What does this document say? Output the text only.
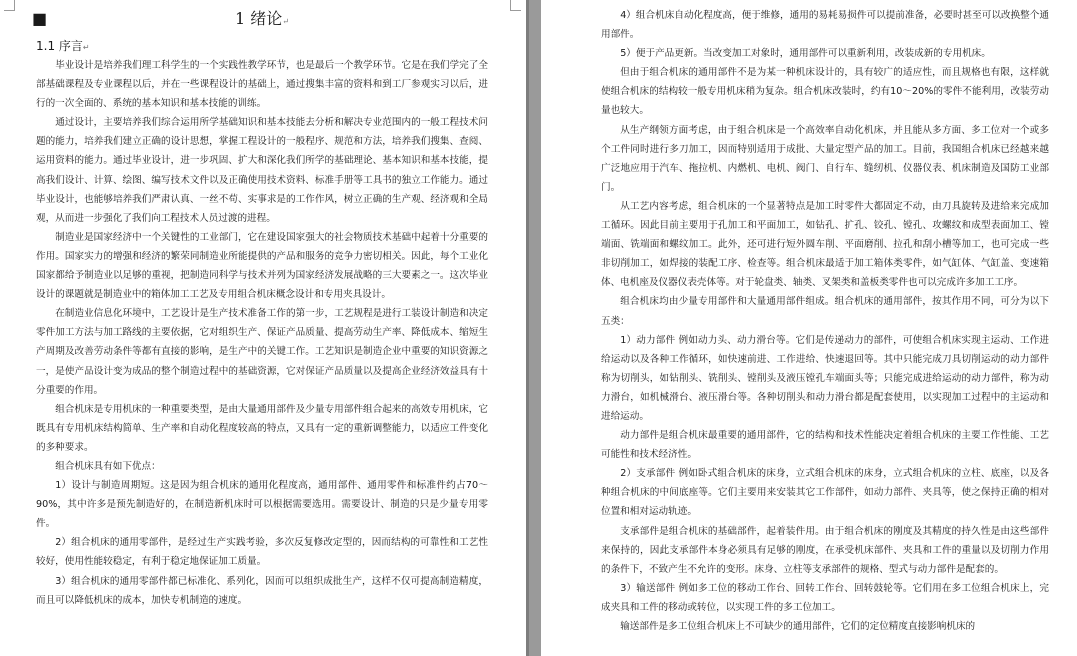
■	1 绪论↵
1.1 序言↵

毕业设计是培养我们理工科学生的一个实践性教学环节，也是最后一个教学环节。它是在我们学完了全部基础课程及专业课程以后，并在一些课程设计的基础上，通过搜集丰富的资料和到工厂参观实习以后，进行的一次全面的、系统的基本知识和基本技能的训练。

通过设计，主要培养我们综合运用所学基础知识和基本技能去分析和解决专业范围内的一般工程技术问题的能力，培养我们建立正确的设计思想，掌握工程设计的一般程序、规范和方法，培养我们搜集、查阅、运用资料的能力。通过毕业设计，进一步巩固、扩大和深化我们所学的基础理论、基本知识和基本技能，提高我们设计、计算、绘图、编写技术文件以及正确使用技术资料、标准手册等工具书的独立工作能力。通过毕业设计，也能够培养我们严肃认真、一丝不苟、实事求是的工作作风，树立正确的生产观、经济观和全局观，从而进一步强化了我们向工程技术人员过渡的进程。

制造业是国家经济中一个关键性的工业部门，它在建设国家强大的社会物质技术基础中起着十分重要的作用。国家实力的增强和经济的繁荣同制造业所能提供的产品和服务的竞争力密切相关。因此，每个工业化国家都给予制造业以足够的重视，把制造同科学与技术并列为国家经济发展战略的三大要素之一。这次毕业设计的课题就是制造业中的箱体加工工艺及专用组合机床概念设计和专用夹具设计。

在制造业信息化环境中，工艺设计是生产技术准备工作的第一步，工艺规程是进行工装设计制造和决定零件加工方法与加工路线的主要依据，它对组织生产、保证产品质量、提高劳动生产率、降低成本、缩短生产周期及改善劳动条件等都有直接的影响，是生产中的关键工作。工艺知识是制造企业中重要的知识资源之一，是使产品设计变为成品的整个制造过程中的基础资源，它对保证产品质量以及提高企业经济效益具有十分重要的作用。

组合机床是专用机床的一种重要类型，是由大量通用部件及少量专用部件组合起来的高效专用机床，它既具有专用机床结构简单、生产率和自动化程度较高的特点，又具有一定的重新调整能力，以适应工件变化的多种要求。

组合机床具有如下优点：

1）设计与制造周期短。这是因为组合机床的通用化程度高，通用部件、通用零件和标准件约占70～90%，其中许多是预先制造好的，在制造新机床时可以根据需要选用。需要设计、制造的只是少量专用零件。

2）组合机床的通用零部件，是经过生产实践考验，多次反复修改定型的，因而结构的可靠性和工艺性较好，使用性能较稳定，有利于稳定地保证加工质量。

3）组合机床的通用零部件都已标准化、系列化，因而可以组织成批生产，这样不仅可提高制造精度，而且可以降低机床的成本，加快专机制造的速度。

4）组合机床自动化程度高，便于维修，通用的易耗易损件可以提前准备，必要时甚至可以改换整个通用部件。

5）便于产品更新。当改变加工对象时，通用部件可以重新利用，改装成新的专用机床。

但由于组合机床的通用部件不是为某一种机床设计的，具有较广的适应性，而且规格也有限，这样就使组合机床的结构较一般专用机床稍为复杂。组合机床改装时，约有10～20%的零件不能利用，改装劳动量也较大。

从生产纲领方面考虑，由于组合机床是一个高效率自动化机床，并且能从多方面、多工位对一个或多个工件同时进行多刀加工，因而特别适用于成批、大量定型产品的加工。目前，我国组合机床已经越来越广泛地应用于汽车、拖拉机、内燃机、电机、阀门、自行车、缝纫机、仪器仪表、机床制造及国防工业部门。

从工艺内容考虑，组合机床的一个显著特点是加工时零件大都固定不动，由刀具旋转及进给来完成加工循环。因此目前主要用于孔加工和平面加工，如钻孔、扩孔、铰孔、镗孔、攻螺纹和成型表面加工、镗端面、铣端面和螺纹加工。此外，还可进行短外圆车削、平面磨削、拉孔和刮小槽等加工，也可完成一些非切削加工，如焊接的装配工序、检查等。组合机床最适于加工箱体类零件，如气缸体、气缸盖、变速箱体、电机座及仪器仪表壳体等。对于轮盘类、轴类、叉架类和盖板类零件也可以完成许多加工工序。

组合机床均由少量专用部件和大量通用部件组成。组合机床的通用部件，按其作用不同，可分为以下五类：

1）动力部件 例如动力头、动力滑台等。它们是传递动力的部件，可使组合机床实现主运动、工作进给运动以及各种工作循环，如快速前进、工作进给、快速退回等。其中只能完成刀具切削运动的动力部件称为切削头，如钻削头、铣削头、镗削头及液压镗孔车端面头等；只能完成进给运动的动力部件，称为动力滑台，如机械滑台、液压滑台等。各种切削头和动力滑台都是配套使用，以实现加工过程中的主运动和进给运动。

动力部件是组合机床最重要的通用部件，它的结构和技术性能决定着组合机床的主要工作性能、工艺可能性和技术经济性。

2）支承部件 例如卧式组合机床的床身，立式组合机床的床身，立式组合机床的立柱、底座，以及各种组合机床的中间底座等。它们主要用来安装其它工作部件，如动力部件、夹具等，使之保持正确的相对位置和相对运动轨迹。

支承部件是组合机床的基础部件，起着装件用。由于组合机床的刚度及其精度的持久性是由这些部件来保持的，因此支承部件本身必须具有足够的刚度，在承受机床部件、夹具和工件的重量以及切削力作用的条件下，不致产生不允许的变形。床身、立柱等支承部件的规格、型式与动力部件是配套的。

3）输送部件 例如多工位的移动工作台、回转工作台、回转鼓轮等。它们用在多工位组合机床上，完成夹具和工件的移动或转位，以实现工件的多工位加工。

输送部件是多工位组合机床上不可缺少的通用部件，它们的定位精度直接影响机床的
